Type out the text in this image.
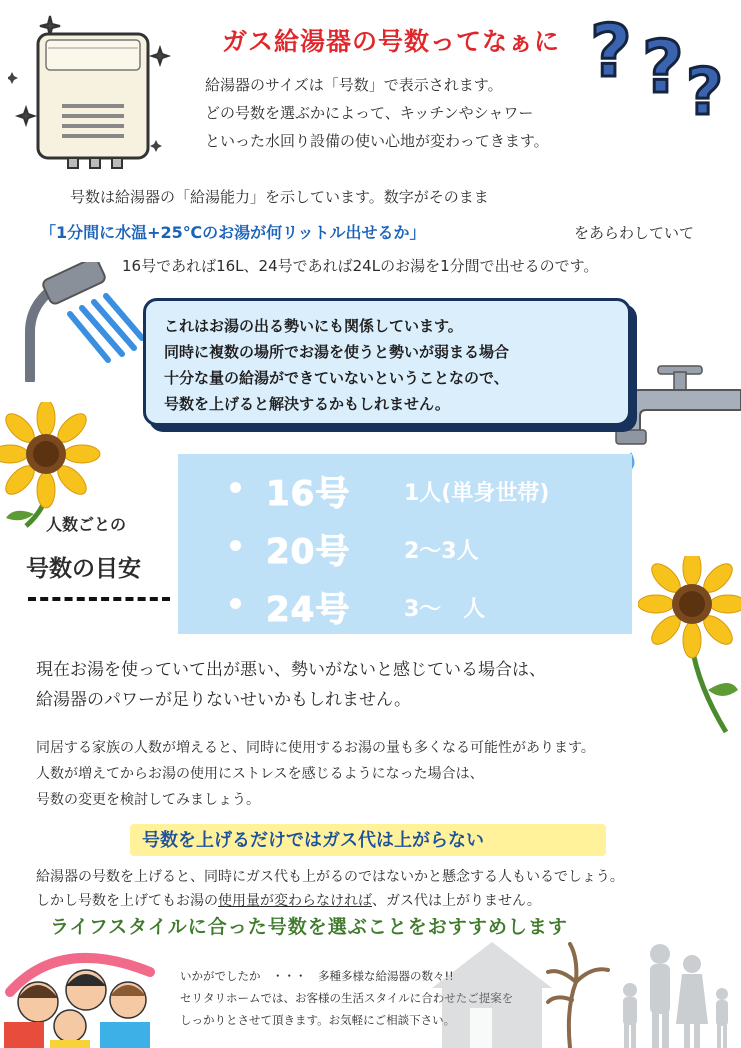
? ? ?
ガス給湯器の号数ってなぁに
給湯器のサイズは「号数」で表示されます。
どの号数を選ぶかによって、キッチンやシャワー
といった水回り設備の使い心地が変わってきます。
号数は給湯器の「給湯能力」を示しています。数字がそのまま
「1分間に水温+25℃のお湯が何リットル出せるか」	をあらわしていて
16号であれば16L、24号であれば24Lのお湯を1分間で出せるのです。
これはお湯の出る勢いにも関係しています。
同時に複数の場所でお湯を使うと勢いが弱まる場合
十分な量の給湯ができていないということなので、
号数を上げると解決するかもしれません。
人数ごとの
号数の目安
16号 1人(単身世帯)
20号 2～3人
24号 3～　人
現在お湯を使っていて出が悪い、勢いがないと感じている場合は、
給湯器のパワーが足りないせいかもしれません。
同居する家族の人数が増えると、同時に使用するお湯の量も多くなる可能性があります。
人数が増えてからお湯の使用にストレスを感じるようになった場合は、
号数の変更を検討してみましょう。
号数を上げるだけではガス代は上がらない
給湯器の号数を上げると、同時にガス代も上がるのではないかと懸念する人もいるでしょう。
しかし号数を上げてもお湯の使用量が変わらなければ、ガス代は上がりません。
ライフスタイルに合った号数を選ぶことをおすすめします
いかがでしたか　・・・　多種多様な給湯器の数々!!
セリタリホームでは、お客様の生活スタイルに合わせたご提案を
しっかりとさせて頂きます。お気軽にご相談下さい。
